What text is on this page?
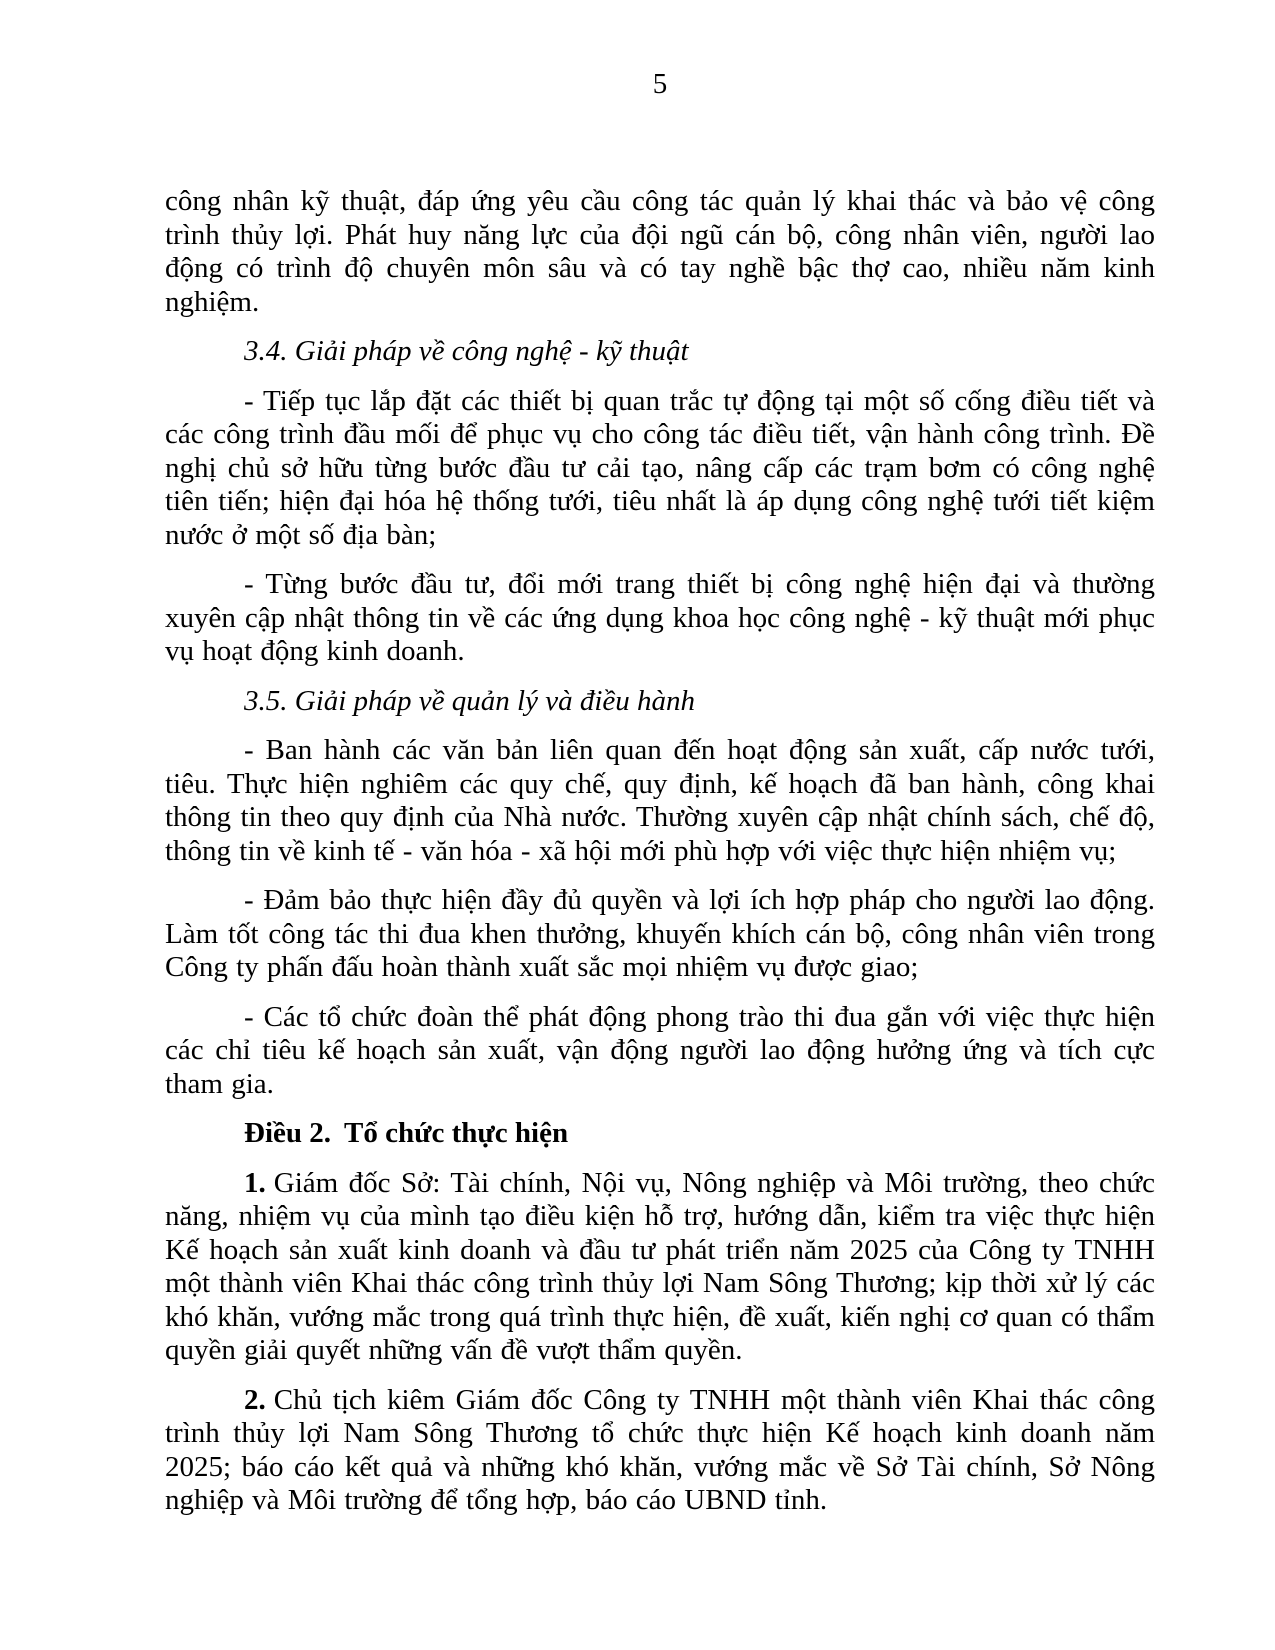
5

công nhân kỹ thuật, đáp ứng yêu cầu công tác quản lý khai thác và bảo vệ công trình thủy lợi. Phát huy năng lực của đội ngũ cán bộ, công nhân viên, người lao động có trình độ chuyên môn sâu và có tay nghề bậc thợ cao, nhiều năm kinh nghiệm.

3.4. Giải pháp về công nghệ - kỹ thuật

- Tiếp tục lắp đặt các thiết bị quan trắc tự động tại một số cống điều tiết và các công trình đầu mối để phục vụ cho công tác điều tiết, vận hành công trình. Đề nghị chủ sở hữu từng bước đầu tư cải tạo, nâng cấp các trạm bơm có công nghệ tiên tiến; hiện đại hóa hệ thống tưới, tiêu nhất là áp dụng công nghệ tưới tiết kiệm nước ở một số địa bàn;

- Từng bước đầu tư, đổi mới trang thiết bị công nghệ hiện đại và thường xuyên cập nhật thông tin về các ứng dụng khoa học công nghệ - kỹ thuật mới phục vụ hoạt động kinh doanh.

3.5. Giải pháp về quản lý và điều hành

- Ban hành các văn bản liên quan đến hoạt động sản xuất, cấp nước tưới, tiêu. Thực hiện nghiêm các quy chế, quy định, kế hoạch đã ban hành, công khai thông tin theo quy định của Nhà nước. Thường xuyên cập nhật chính sách, chế độ, thông tin về kinh tế - văn hóa - xã hội mới phù hợp với việc thực hiện nhiệm vụ;

- Đảm bảo thực hiện đầy đủ quyền và lợi ích hợp pháp cho người lao động. Làm tốt công tác thi đua khen thưởng, khuyến khích cán bộ, công nhân viên trong Công ty phấn đấu hoàn thành xuất sắc mọi nhiệm vụ được giao;

- Các tổ chức đoàn thể phát động phong trào thi đua gắn với việc thực hiện các chỉ tiêu kế hoạch sản xuất, vận động người lao động hưởng ứng và tích cực tham gia.

Điều 2. Tổ chức thực hiện

1. Giám đốc Sở: Tài chính, Nội vụ, Nông nghiệp và Môi trường, theo chức năng, nhiệm vụ của mình tạo điều kiện hỗ trợ, hướng dẫn, kiểm tra việc thực hiện Kế hoạch sản xuất kinh doanh và đầu tư phát triển năm 2025 của Công ty TNHH một thành viên Khai thác công trình thủy lợi Nam Sông Thương; kịp thời xử lý các khó khăn, vướng mắc trong quá trình thực hiện, đề xuất, kiến nghị cơ quan có thẩm quyền giải quyết những vấn đề vượt thẩm quyền.

2. Chủ tịch kiêm Giám đốc Công ty TNHH một thành viên Khai thác công trình thủy lợi Nam Sông Thương tổ chức thực hiện Kế hoạch kinh doanh năm 2025; báo cáo kết quả và những khó khăn, vướng mắc về Sở Tài chính, Sở Nông nghiệp và Môi trường để tổng hợp, báo cáo UBND tỉnh.
